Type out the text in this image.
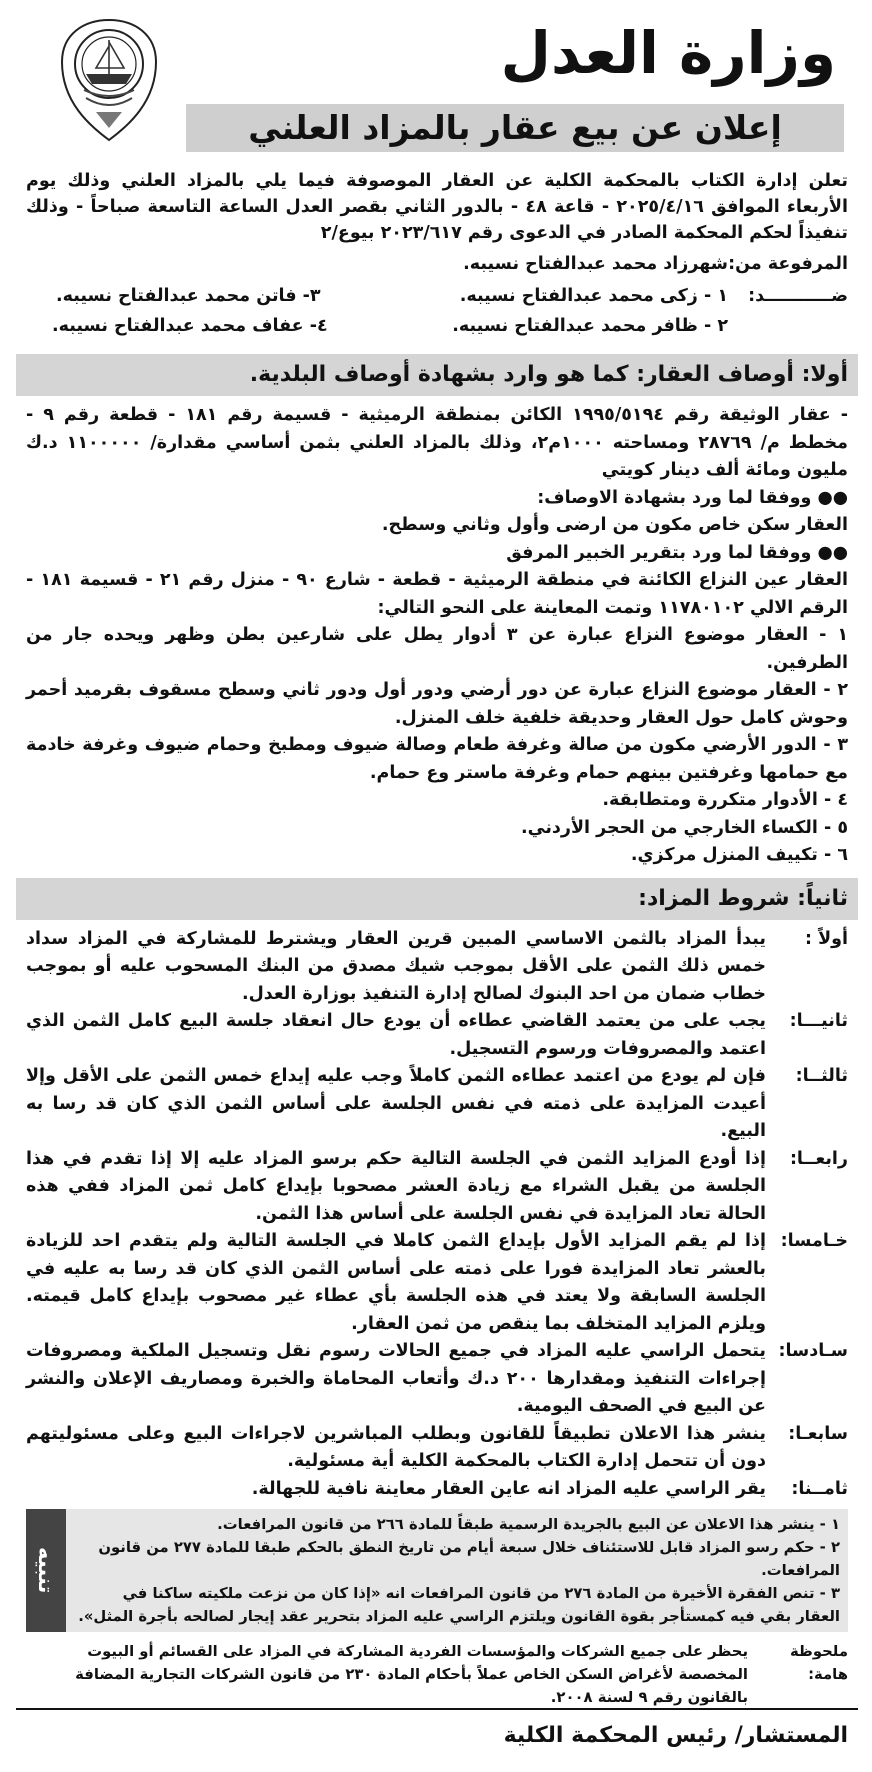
وزارة العدل
إعلان عن بيع عقار بالمزاد العلني
تعلن إدارة الكتاب بالمحكمة الكلية عن العقار الموصوفة فيما يلي بالمزاد العلني وذلك يوم الأربعاء الموافق ٢٠٢٥/٤/١٦ - قاعة ٤٨ - بالدور الثاني بقصر العدل الساعة التاسعة صباحاً - وذلك تنفيذاً لحكم المحكمة الصادر في الدعوى رقم ٢٠٢٣/٦١٧ بيوع/٢
المرفوعة من:
شهرزاد محمد عبدالفتاح نسيبه.
ضـــــــــــد:
١ - زكى محمد عبدالفتاح نسيبه.
٢ - ظافر محمد عبدالفتاح نسيبه.
٣- فاتن محمد عبدالفتاح نسيبه.
٤- عفاف محمد عبدالفتاح نسيبه.
أولا: أوصاف العقار: كما هو وارد بشهادة أوصاف البلدية.

- عقار الوثيقة رقم ١٩٩٥/٥١٩٤ الكائن بمنطقة الرميثية - قسيمة رقم ١٨١ - قطعة رقم ٩ - مخطط م/ ٢٨٧٦٩ ومساحته ١٠٠٠م٢، وذلك بالمزاد العلني بثمن أساسي مقدارة/ ١١٠٠٠٠٠ د.ك مليون ومائة ألف دينار كويتي

●● ووفقا لما ورد بشهادة الاوصاف:

العقار سكن خاص مكون من ارضى وأول وثاني وسطح.

●● ووفقا لما ورد بتقرير الخبير المرفق

العقار عين النزاع الكائنة في منطقة الرميثية - قطعة - شارع ٩٠ - منزل رقم ٢١ - قسيمة ١٨١ - الرقم الالي ١١٧٨٠١٠٢ وتمت المعاينة على النحو التالي:

١ - العقار موضوع النزاع عبارة عن ٣ أدوار يطل على شارعين بطن وظهر ويحده جار من الطرفين.

٢ - العقار موضوع النزاع عبارة عن دور أرضي ودور أول ودور ثاني وسطح مسقوف بقرميد أحمر وحوش كامل حول العقار وحديقة خلفية خلف المنزل.

٣ - الدور الأرضي مكون من صالة وغرفة طعام وصالة ضيوف ومطبخ وحمام ضيوف وغرفة خادمة مع حمامها وغرفتين بينهم حمام وغرفة ماستر وع حمام.

٤ - الأدوار متكررة ومتطابقة.

٥ - الكساء الخارجي من الحجر الأردني.

٦ - تكييف المنزل مركزي.

ثانياً: شروط المزاد:
أولاً :
يبدأ المزاد بالثمن الاساسي المبين قرين العقار ويشترط للمشاركة في المزاد سداد خمس ذلك الثمن على الأقل بموجب شيك مصدق من البنك المسحوب عليه أو بموجب خطاب ضمان من احد البنوك لصالح إدارة التنفيذ بوزارة العدل.
ثانيـــا:
يجب على من يعتمد القاضي عطاءه أن يودع حال انعقاد جلسة البيع كامل الثمن الذي اعتمد والمصروفات ورسوم التسجيل.
ثالثــا:
فإن لم يودع من اعتمد عطاءه الثمن كاملاً وجب عليه إيداع خمس الثمن على الأقل وإلا أعيدت المزايدة على ذمته في نفس الجلسة على أساس الثمن الذي كان قد رسا به البيع.
رابعــا:
إذا أودع المزايد الثمن في الجلسة التالية حكم برسو المزاد عليه إلا إذا تقدم في هذا الجلسة من يقبل الشراء مع زيادة العشر مصحوبا بإيداع كامل ثمن المزاد ففي هذه الحالة تعاد المزايدة في نفس الجلسة على أساس هذا الثمن.
خـامسا:
إذا لم يقم المزايد الأول بإيداع الثمن كاملا في الجلسة التالية ولم يتقدم احد للزيادة بالعشر تعاد المزايدة فورا على ذمته على أساس الثمن الذي كان قد رسا به عليه في الجلسة السابقة ولا يعتد في هذه الجلسة بأي عطاء غير مصحوب بإيداع كامل قيمته. ويلزم المزايد المتخلف بما ينقص من ثمن العقار.
سـادسا:
يتحمل الراسي عليه المزاد في جميع الحالات رسوم نقل وتسجيل الملكية ومصروفات إجراءات التنفيذ ومقدارها ٢٠٠ د.ك وأتعاب المحاماة والخبرة ومصاريف الإعلان والنشر عن البيع في الصحف اليومية.
سابعـا:
ينشر هذا الاعلان تطبيقاً للقانون وبطلب المباشرين لاجراءات البيع وعلى مسئوليتهم دون أن تتحمل إدارة الكتاب بالمحكمة الكلية أية مسئولية.
ثامــنا:
يقر الراسي عليه المزاد انه عاين العقار معاينة نافية للجهالة.
١ - ينشر هذا الاعلان عن البيع بالجريدة الرسمية طبقاً للمادة ٢٦٦ من قانون المرافعات.
٢ - حكم رسو المزاد قابل للاستئناف خلال سبعة أيام من تاريخ النطق بالحكم طبقا للمادة ٢٧٧ من قانون المرافعات.
٣ - تنص الفقرة الأخيرة من المادة ٢٧٦ من قانون المرافعات انه «إذا كان من نزعت ملكيته ساكنا في العقار بقي فيه كمستأجر بقوة القانون ويلتزم الراسي عليه المزاد بتحرير عقد إيجار لصالحه بأجرة المثل».
تنبيه
ملحوظة هامة:
يحظر على جميع الشركات والمؤسسات الفردية المشاركة في المزاد على القسائم أو البيوت المخصصة لأغراض السكن الخاص عملاً بأحكام المادة ٢٣٠ من قانون الشركات التجارية المضافة بالقانون رقم ٩ لسنة ٢٠٠٨.
المستشار/ رئيس المحكمة الكلية
